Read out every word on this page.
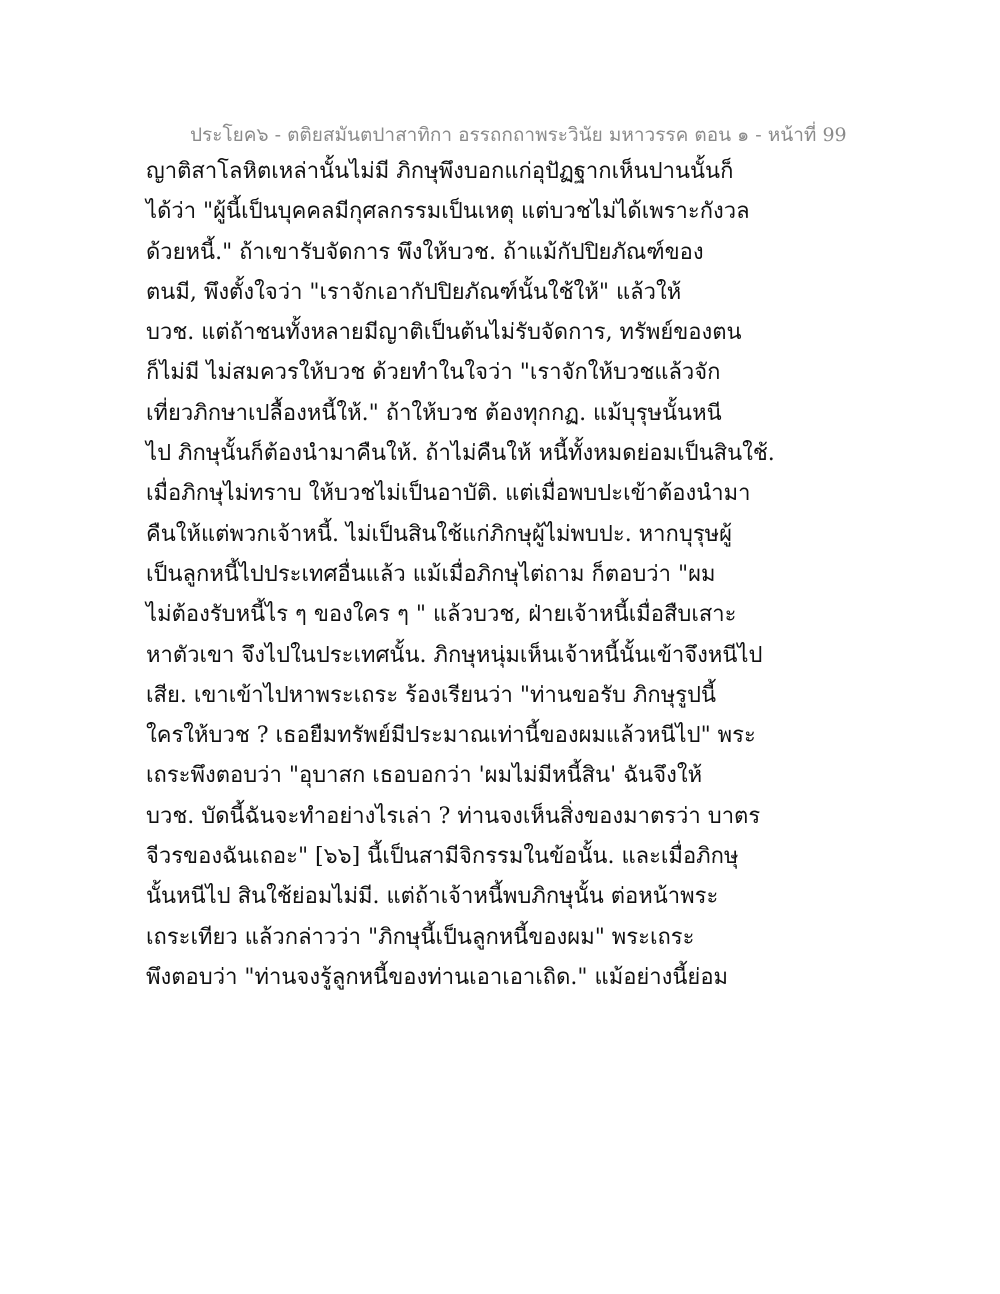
ประโยค๖ - ตติยสมันตปาสาทิกา อรรถกถาพระวินัย มหาวรรค ตอน ๑ - หน้าที่ 99
ญาติสาโลหิตเหล่านั้นไม่มี ภิกษุพึงบอกแก่อุปัฏฐากเห็นปานนั้นก็
ได้ว่า "ผู้นี้เป็นบุคคลมีกุศลกรรมเป็นเหตุ แต่บวชไม่ได้เพราะกังวล
ด้วยหนี้." ถ้าเขารับจัดการ พึงให้บวช. ถ้าแม้กัปปิยภัณฑ์ของ
ตนมี, พึงตั้งใจว่า "เราจักเอากัปปิยภัณฑ์นั้นใช้ให้" แล้วให้
บวช. แต่ถ้าชนทั้งหลายมีญาติเป็นต้นไม่รับจัดการ, ทรัพย์ของตน
ก็ไม่มี ไม่สมควรให้บวช ด้วยทำในใจว่า "เราจักให้บวชแล้วจัก
เที่ยวภิกษาเปลื้องหนี้ให้." ถ้าให้บวช ต้องทุกกฏ. แม้บุรุษนั้นหนี
ไป ภิกษุนั้นก็ต้องนำมาคืนให้. ถ้าไม่คืนให้ หนี้ทั้งหมดย่อมเป็นสินใช้.
เมื่อภิกษุไม่ทราบ ให้บวชไม่เป็นอาบัติ. แต่เมื่อพบปะเข้าต้องนำมา
คืนให้แต่พวกเจ้าหนี้. ไม่เป็นสินใช้แก่ภิกษุผู้ไม่พบปะ. หากบุรุษผู้
เป็นลูกหนี้ไปประเทศอื่นแล้ว แม้เมื่อภิกษุไต่ถาม ก็ตอบว่า "ผม
ไม่ต้องรับหนี้ไร ๆ ของใคร ๆ " แล้วบวช, ฝ่ายเจ้าหนี้เมื่อสืบเสาะ
หาตัวเขา จึงไปในประเทศนั้น. ภิกษุหนุ่มเห็นเจ้าหนี้นั้นเข้าจึงหนีไป
เสีย. เขาเข้าไปหาพระเถระ ร้องเรียนว่า "ท่านขอรับ ภิกษุรูปนี้
ใครให้บวช ? เธอยืมทรัพย์มีประมาณเท่านี้ของผมแล้วหนีไป" พระ
เถระพึงตอบว่า "อุบาสก เธอบอกว่า 'ผมไม่มีหนี้สิน' ฉันจึงให้
บวช. บัดนี้ฉันจะทำอย่างไรเล่า ? ท่านจงเห็นสิ่งของมาตรว่า บาตร
จีวรของฉันเถอะ" [๖๖] นี้เป็นสามีจิกรรมในข้อนั้น. และเมื่อภิกษุ
นั้นหนีไป สินใช้ย่อมไม่มี. แต่ถ้าเจ้าหนี้พบภิกษุนั้น ต่อหน้าพระ
เถระเทียว แล้วกล่าวว่า "ภิกษุนี้เป็นลูกหนี้ของผม" พระเถระ
พึงตอบว่า "ท่านจงรู้ลูกหนี้ของท่านเอาเอาเถิด." แม้อย่างนี้ย่อม
